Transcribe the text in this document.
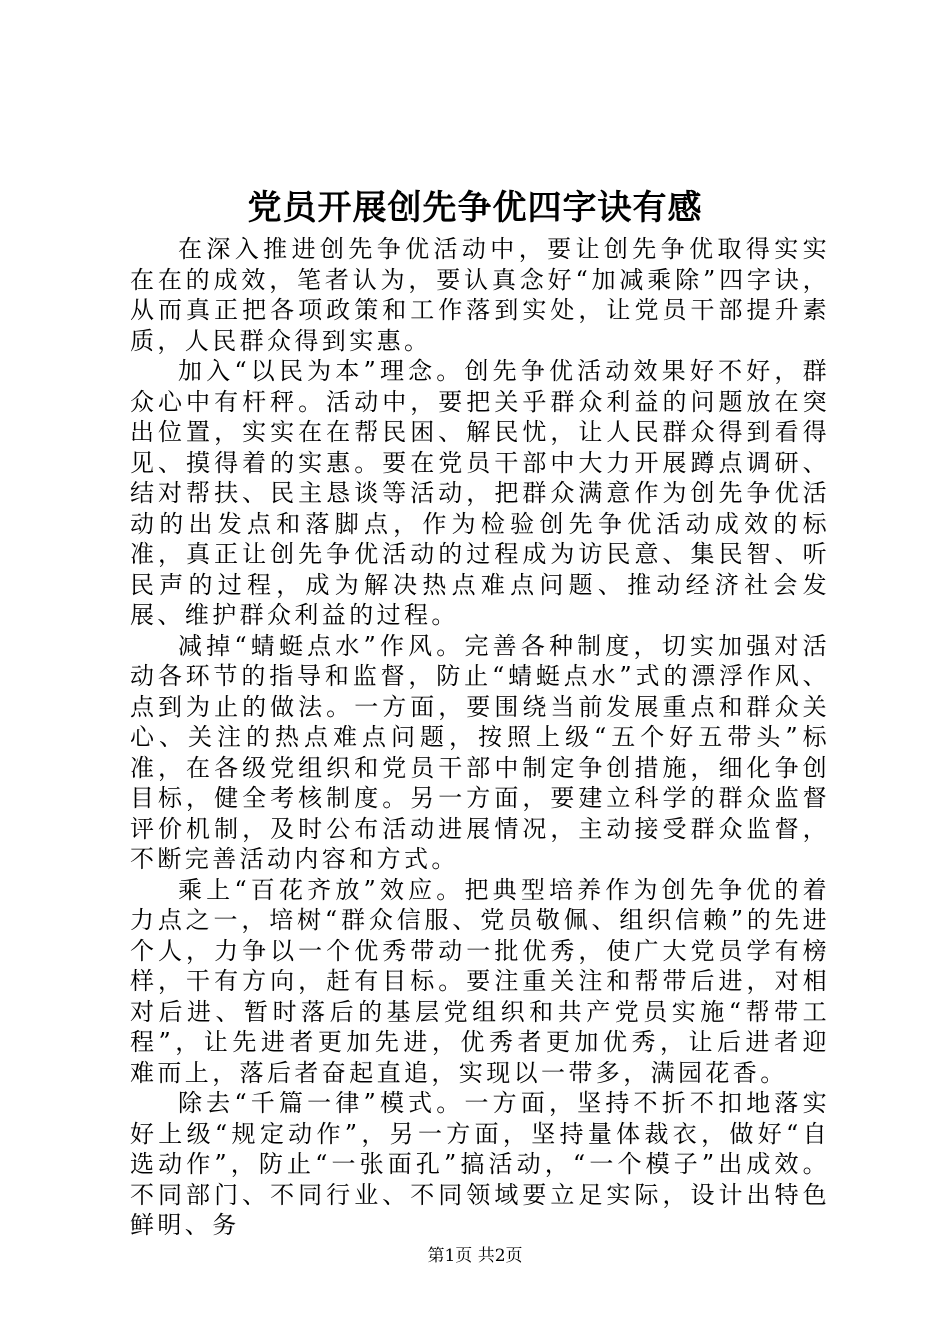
党员开展创先争优四字诀有感

在深入推进创先争优活动中，要让创先争优取得实实在在的成效，笔者认为，要认真念好“加减乘除”四字诀，从而真正把各项政策和工作落到实处，让党员干部提升素质，人民群众得到实惠。

加入“以民为本”理念。创先争优活动效果好不好，群众心中有杆秤。活动中，要把关乎群众利益的问题放在突出位置，实实在在帮民困、解民忧，让人民群众得到看得见、摸得着的实惠。要在党员干部中大力开展蹲点调研、结对帮扶、民主恳谈等活动，把群众满意作为创先争优活动的出发点和落脚点，作为检验创先争优活动成效的标准，真正让创先争优活动的过程成为访民意、集民智、听民声的过程，成为解决热点难点问题、推动经济社会发展、维护群众利益的过程。

减掉“蜻蜓点水”作风。完善各种制度，切实加强对活动各环节的指导和监督，防止“蜻蜓点水”式的漂浮作风、点到为止的做法。一方面，要围绕当前发展重点和群众关心、关注的热点难点问题，按照上级“五个好五带头”标准，在各级党组织和党员干部中制定争创措施，细化争创目标，健全考核制度。另一方面，要建立科学的群众监督评价机制，及时公布活动进展情况，主动接受群众监督，不断完善活动内容和方式。

乘上“百花齐放”效应。把典型培养作为创先争优的着力点之一，培树“群众信服、党员敬佩、组织信赖”的先进个人，力争以一个优秀带动一批优秀，使广大党员学有榜样，干有方向，赶有目标。要注重关注和帮带后进，对相对后进、暂时落后的基层党组织和共产党员实施“帮带工程”，让先进者更加先进，优秀者更加优秀，让后进者迎难而上，落后者奋起直追，实现以一带多，满园花香。

除去“千篇一律”模式。一方面，坚持不折不扣地落实好上级“规定动作”，另一方面，坚持量体裁衣，做好“自选动作”，防止“一张面孔”搞活动，“一个模子”出成效。不同部门、不同行业、不同领域要立足实际，设计出特色鲜明、务

第1页 共2页
